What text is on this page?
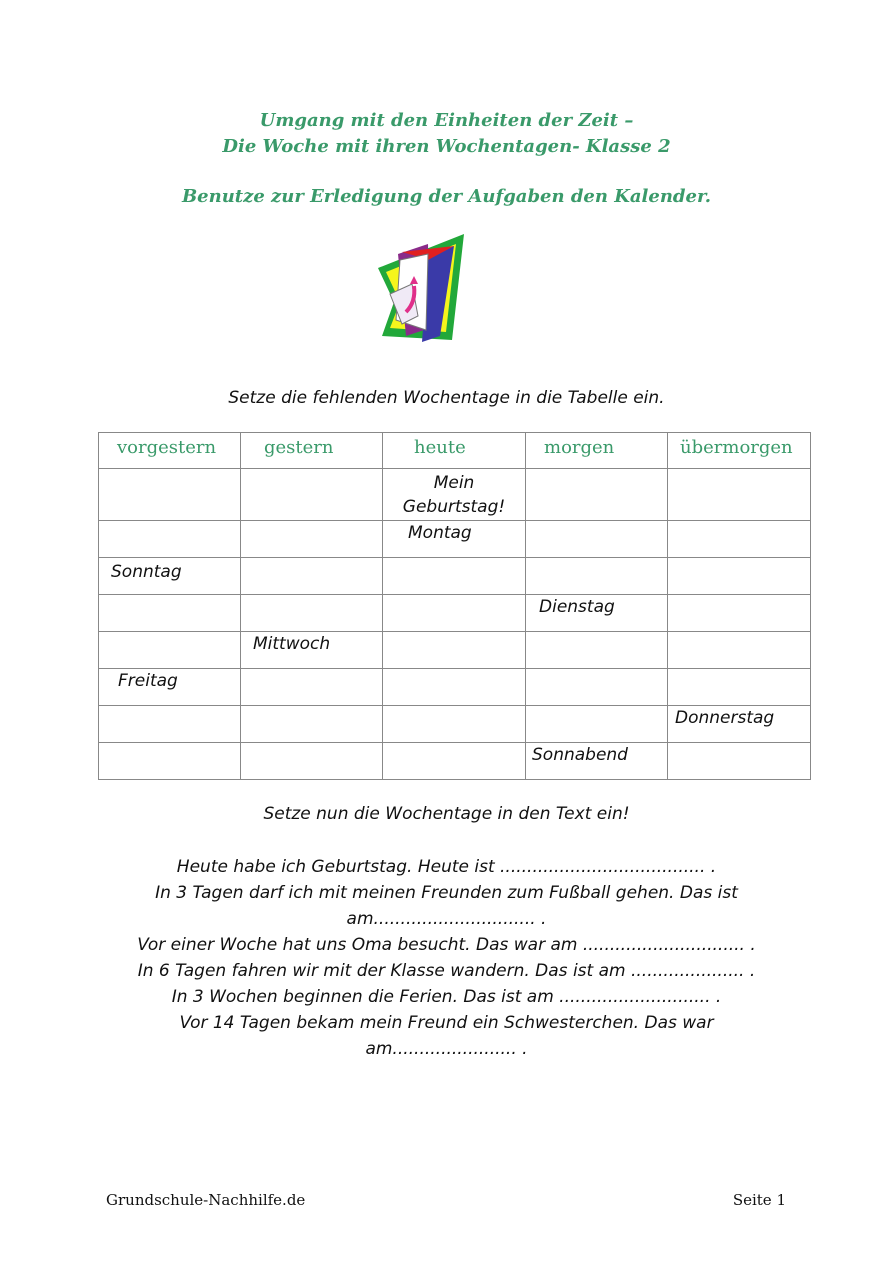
Umgang mit den Einheiten der Zeit –
Die Woche mit ihren Wochentagen- Klasse 2
Benutze zur Erledigung der Aufgaben den Kalender.
Setze die fehlenden Wochentage in die Tabelle ein.
vorgestern	gestern	heute	morgen	übermorgen

		Mein Geburtstag!		

		Montag		

Sonntag				

			Dienstag	

	Mittwoch			

Freitag				

				Donnerstag

			Sonnabend	

Setze nun die Wochentage in den Text ein!
Heute habe ich Geburtstag. Heute ist ...................................... .
In 3 Tagen darf ich mit meinen Freunden zum Fußball gehen. Das ist
am.............................. .
Vor einer Woche hat uns Oma besucht. Das war am .............................. .
In 6 Tagen fahren wir mit der Klasse wandern. Das ist am ..................... .
In 3 Wochen beginnen die Ferien. Das ist am ............................ .
Vor 14 Tagen bekam mein Freund ein Schwesterchen. Das war
am....................... .
Grundschule-Nachhilfe.de	Seite 1
